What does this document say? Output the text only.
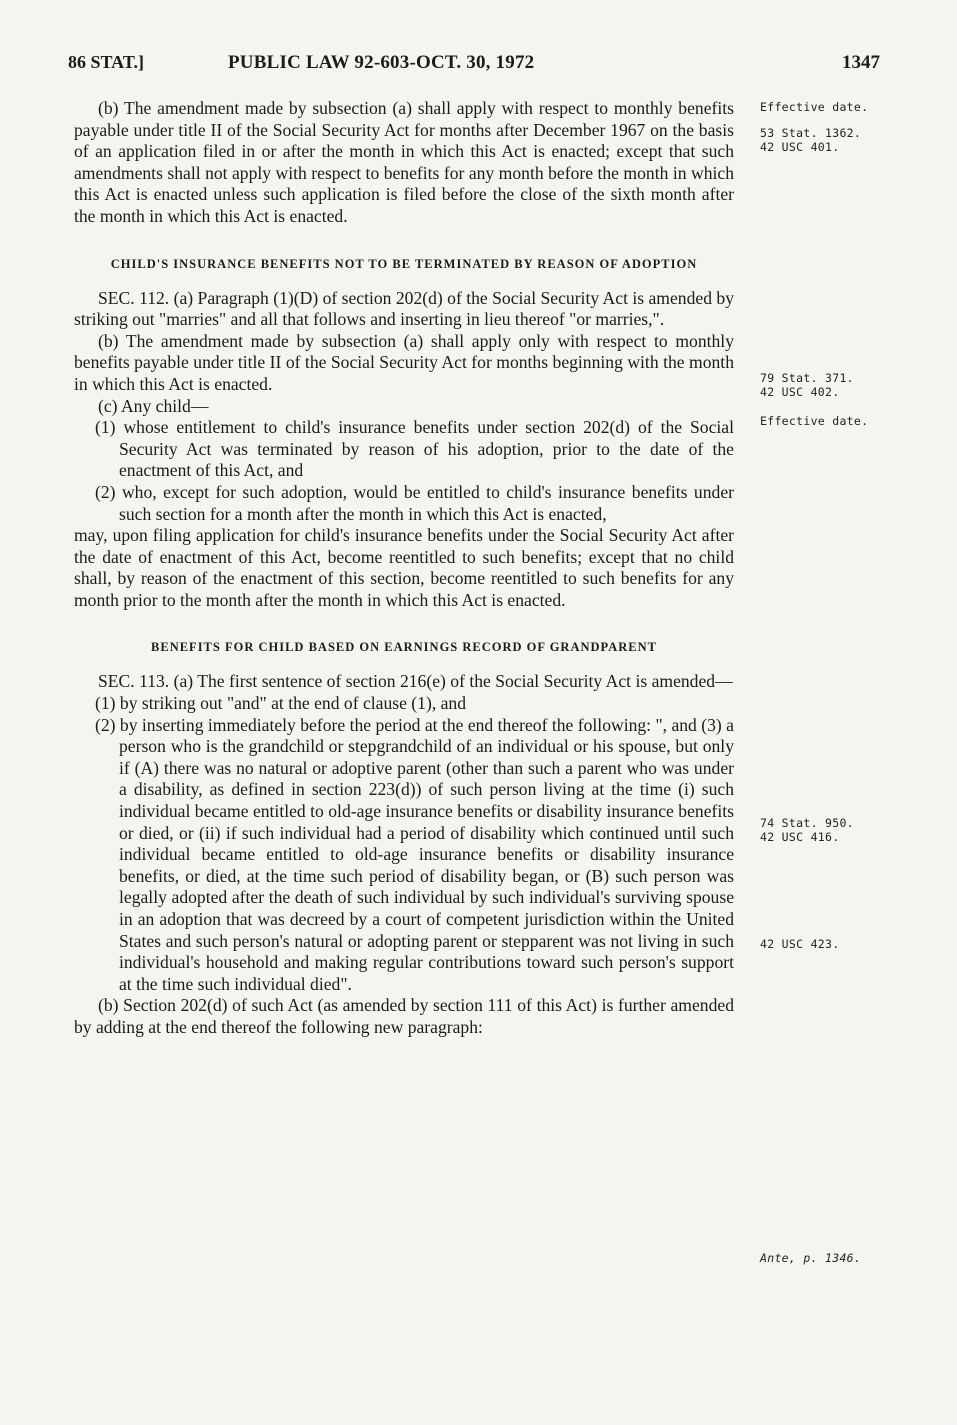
86 STAT.]	PUBLIC LAW 92-603-OCT. 30, 1972	1347

(b) The amendment made by subsection (a) shall apply with respect to monthly benefits payable under title II of the Social Security Act for months after December 1967 on the basis of an application filed in or after the month in which this Act is enacted; except that such amendments shall not apply with respect to benefits for any month before the month in which this Act is enacted unless such application is filed before the close of the sixth month after the month in which this Act is enacted.

CHILD'S INSURANCE BENEFITS NOT TO BE TERMINATED BY REASON OF ADOPTION

SEC. 112. (a) Paragraph (1)(D) of section 202(d) of the Social Security Act is amended by striking out "marries" and all that follows and inserting in lieu thereof "or marries,".

(b) The amendment made by subsection (a) shall apply only with respect to monthly benefits payable under title II of the Social Security Act for months beginning with the month in which this Act is enacted.

(c) Any child—

(1) whose entitlement to child's insurance benefits under section 202(d) of the Social Security Act was terminated by reason of his adoption, prior to the date of the enactment of this Act, and

(2) who, except for such adoption, would be entitled to child's insurance benefits under such section for a month after the month in which this Act is enacted,

may, upon filing application for child's insurance benefits under the Social Security Act after the date of enactment of this Act, become reentitled to such benefits; except that no child shall, by reason of the enactment of this section, become reentitled to such benefits for any month prior to the month after the month in which this Act is enacted.

BENEFITS FOR CHILD BASED ON EARNINGS RECORD OF GRANDPARENT

SEC. 113. (a) The first sentence of section 216(e) of the Social Security Act is amended—

(1) by striking out "and" at the end of clause (1), and

(2) by inserting immediately before the period at the end thereof the following: ", and (3) a person who is the grandchild or stepgrandchild of an individual or his spouse, but only if (A) there was no natural or adoptive parent (other than such a parent who was under a disability, as defined in section 223(d)) of such person living at the time (i) such individual became entitled to old-age insurance benefits or disability insurance benefits or died, or (ii) if such individual had a period of disability which continued until such individual became entitled to old-age insurance benefits or disability insurance benefits, or died, at the time such period of disability began, or (B) such person was legally adopted after the death of such individual by such individual's surviving spouse in an adoption that was decreed by a court of competent jurisdiction within the United States and such person's natural or adopting parent or stepparent was not living in such individual's household and making regular contributions toward such person's support at the time such individual died".

(b) Section 202(d) of such Act (as amended by section 111 of this Act) is further amended by adding at the end thereof the following new paragraph:

Effective date.
53 Stat. 1362.
42 USC 401.
79 Stat. 371.
42 USC 402.
Effective date.
74 Stat. 950.
42 USC 416.
42 USC 423.
Ante, p. 1346.
